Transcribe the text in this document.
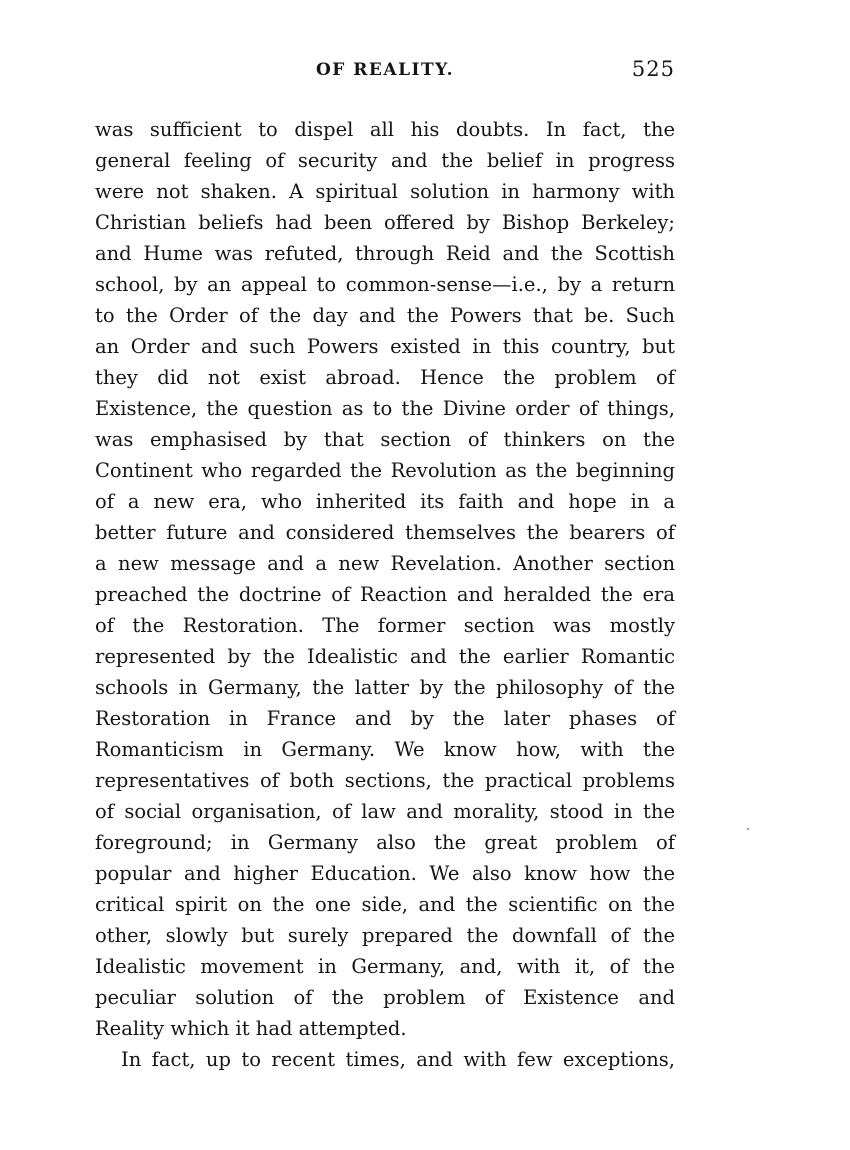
OF REALITY.	525
was sufficient to dispel all his doubts. In fact, the
general feeling of security and the belief in progress
were not shaken. A spiritual solution in harmony with
Christian beliefs had been offered by Bishop Berkeley;
and Hume was refuted, through Reid and the Scottish
school, by an appeal to common-sense—i.e., by a return
to the Order of the day and the Powers that be. Such
an Order and such Powers existed in this country, but
they did not exist abroad. Hence the problem of
Existence, the question as to the Divine order of things,
was emphasised by that section of thinkers on the
Continent who regarded the Revolution as the beginning
of a new era, who inherited its faith and hope in a
better future and considered themselves the bearers of
a new message and a new Revelation. Another section
preached the doctrine of Reaction and heralded the era
of the Restoration. The former section was mostly
represented by the Idealistic and the earlier Romantic
schools in Germany, the latter by the philosophy of the
Restoration in France and by the later phases of
Romanticism in Germany. We know how, with the
representatives of both sections, the practical problems
of social organisation, of law and morality, stood in the
foreground; in Germany also the great problem of
popular and higher Education. We also know how the
critical spirit on the one side, and the scientific on the
other, slowly but surely prepared the downfall of the
Idealistic movement in Germany, and, with it, of the
peculiar solution of the problem of Existence and
Reality which it had attempted.
In fact, up to recent times, and with few exceptions,
